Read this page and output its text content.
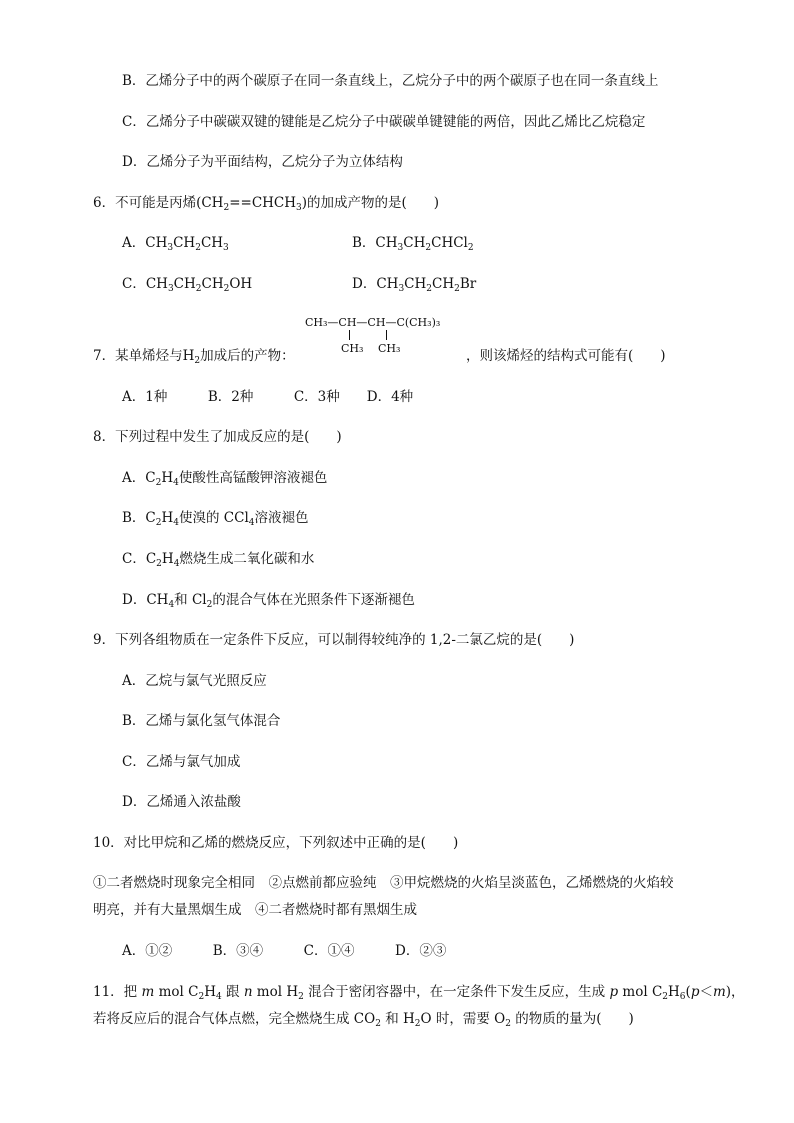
B．乙烯分子中的两个碳原子在同一条直线上，乙烷分子中的两个碳原子也在同一条直线上
C．乙烯分子中碳碳双键的键能是乙烷分子中碳碳单键键能的两倍，因此乙烯比乙烷稳定
D．乙烯分子为平面结构，乙烷分子为立体结构
6．不可能是丙烯$(CH_2==CHCH_3)$的加成产物的是(　　)
A．$CH_3CH_2CH_3$	B．$CH_3CH_2CHCl_2$
C．$CH_3CH_2CH_2OH$	D．$CH_3CH_2CH_2Br$
CH₃—CH—CH—C(CH₃)₃
CH₃ CH₃
7．某单烯烃与$H_2$加成后的产物：	，则该烯烃的结构式可能有(　　)
A．1种　　　B．2种　　　C．3种　　D．4种
8．下列过程中发生了加成反应的是(　　)
A．$C_2H_4$使酸性高锰酸钾溶液褪色
B．$C_2H_4$使溴的 CCl$_4$溶液褪色
C．$C_2H_4$燃烧生成二氧化碳和水
D．$CH_4$和 $Cl_2$的混合气体在光照条件下逐渐褪色
9．下列各组物质在一定条件下反应，可以制得较纯净的 1,2-二氯乙烷的是(　　)
A．乙烷与氯气光照反应
B．乙烯与氯化氢气体混合
C．乙烯与氯气加成
D．乙烯通入浓盐酸
10．对比甲烷和乙烯的燃烧反应，下列叙述中正确的是(　　)
①二者燃烧时现象完全相同　②点燃前都应验纯　③甲烷燃烧的火焰呈淡蓝色，乙烯燃烧的火焰较
明亮，并有大量黑烟生成　④二者燃烧时都有黑烟生成
A．①②　　　B．③④　　　C．①④　　　D．②③
11．把 m mol $C_2H_4$ 跟 n mol $H_2$ 混合于密闭容器中，在一定条件下发生反应，生成 p mol $C_2H_6(p<m)$，
若将反应后的混合气体点燃，完全燃烧生成 $CO_2$ 和 $H_2O$ 时，需要 $O_2$ 的物质的量为(　　)
